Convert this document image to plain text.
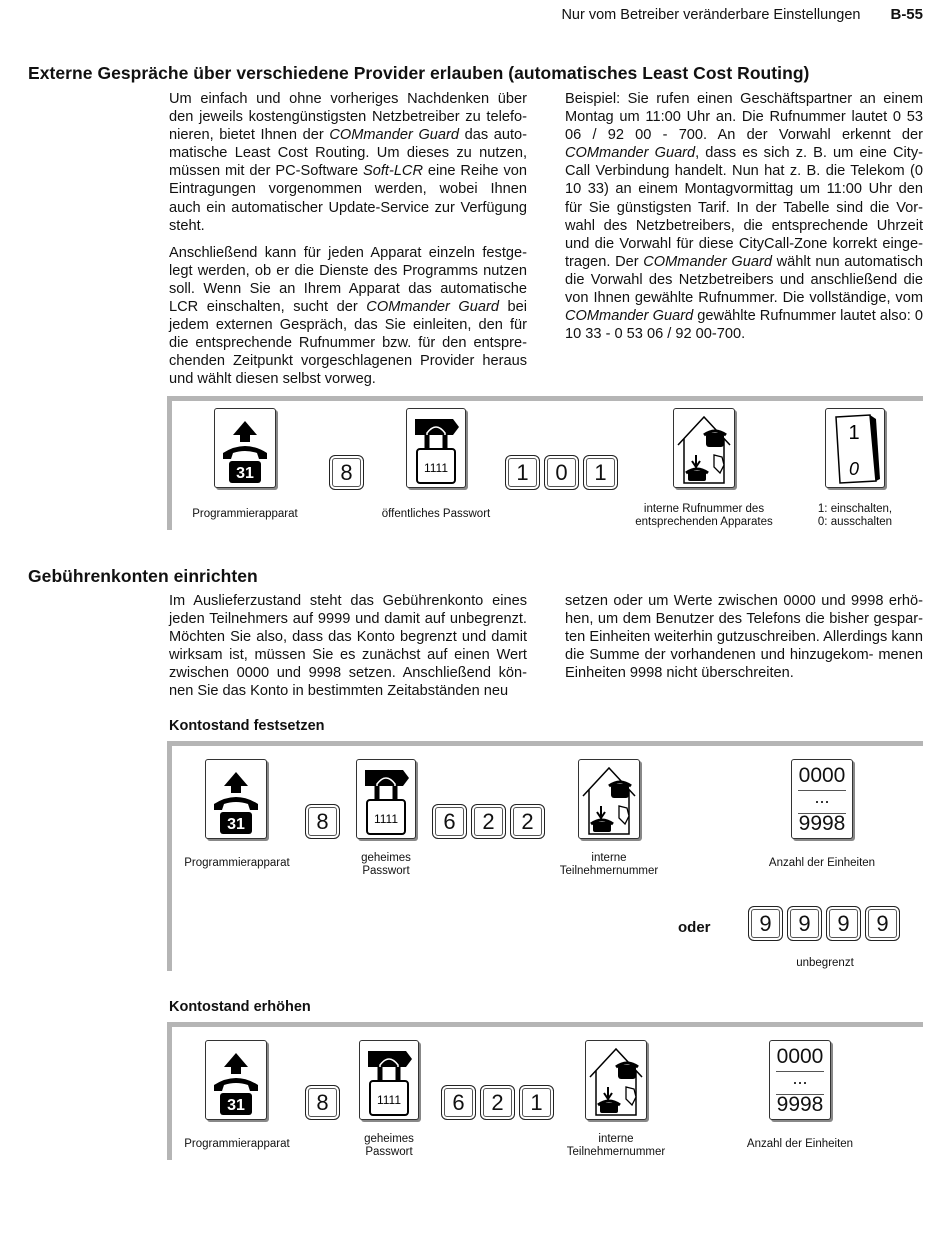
Nur vom Betreiber veränderbare Einstellungen B-55
Externe Gespräche über verschiedene Provider erlauben (automatisches Least Cost Routing)

Um einfach und ohne vorheriges Nachdenken über den jeweils kostengünstigsten Netzbetreiber zu telefo- nieren, bietet Ihnen der COMmander Guard das auto- matische Least Cost Routing. Um dieses zu nutzen, müssen mit der PC-Software Soft-LCR eine Reihe von Eintragungen vorgenommen werden, wobei Ihnen auch ein automatischer Update-Service zur Verfügung steht.

Anschließend kann für jeden Apparat einzeln festge- legt werden, ob er die Dienste des Programms nutzen soll. Wenn Sie an Ihrem Apparat das automatische LCR einschalten, sucht der COMmander Guard bei jedem externen Gespräch, das Sie einleiten, den für die entsprechende Rufnummer bzw. für den entspre- chenden Zeitpunkt vorgeschlagenen Provider heraus und wählt diesen selbst vorweg.

Beispiel: Sie rufen einen Geschäftspartner an einem Montag um 11:00 Uhr an. Die Rufnummer lautet 0 53 06 / 92 00 - 700. An der Vorwahl erkennt der COMmander Guard, dass es sich z. B. um eine City- Call Verbindung handelt. Nun hat z. B. die Telekom (0 10 33) an einem Montagvormittag um 11:00 Uhr den für Sie günstigsten Tarif. In der Tabelle sind die Vor- wahl des Netzbetreibers, die entsprechende Uhrzeit und die Vorwahl für diese CityCall-Zone korrekt einge- tragen. Der COMmander Guard wählt nun automatisch die Vorwahl des Netzbetreibers und anschließend die von Ihnen gewählte Rufnummer. Die vollständige, vom COMmander Guard gewählte Rufnummer lautet also: 0 10 33 - 0 53 06 / 92 00-700.

31	8	1111	1	0	1
1
0
Programmierapparat	öffentliches Passwort	interne Rufnummer des
entsprechenden Apparates
1: einschalten,
0: ausschalten
Gebührenkonten einrichten

Im Auslieferzustand steht das Gebührenkonto eines jeden Teilnehmers auf 9999 und damit auf unbegrenzt. Möchten Sie also, dass das Konto begrenzt und damit wirksam ist, müssen Sie es zunächst auf einen Wert zwischen 0000 und 9998 setzen. Anschließend kön- nen Sie das Konto in bestimmten Zeitabständen neu

setzen oder um Werte zwischen 0000 und 9998 erhö- hen, um dem Benutzer des Telefons die bisher gespar- ten Einheiten weiterhin gutzuschreiben. Allerdings kann die Summe der vorhandenen und hinzugekom- menen Einheiten 9998 nicht überschreiten.

Kontostand festsetzen
31	8	1111	6	2	2
0000
...
9998
Programmierapparat	geheimes
Passwort
interne
Teilnehmernummer
Anzahl der Einheiten
oder	9	9	9	9
unbegrenzt
Kontostand erhöhen
31	8	1111	6	2	1
0000
...
9998
Programmierapparat	geheimes	interne
Teilnehmernummer
Passwort
Anzahl der Einheiten
